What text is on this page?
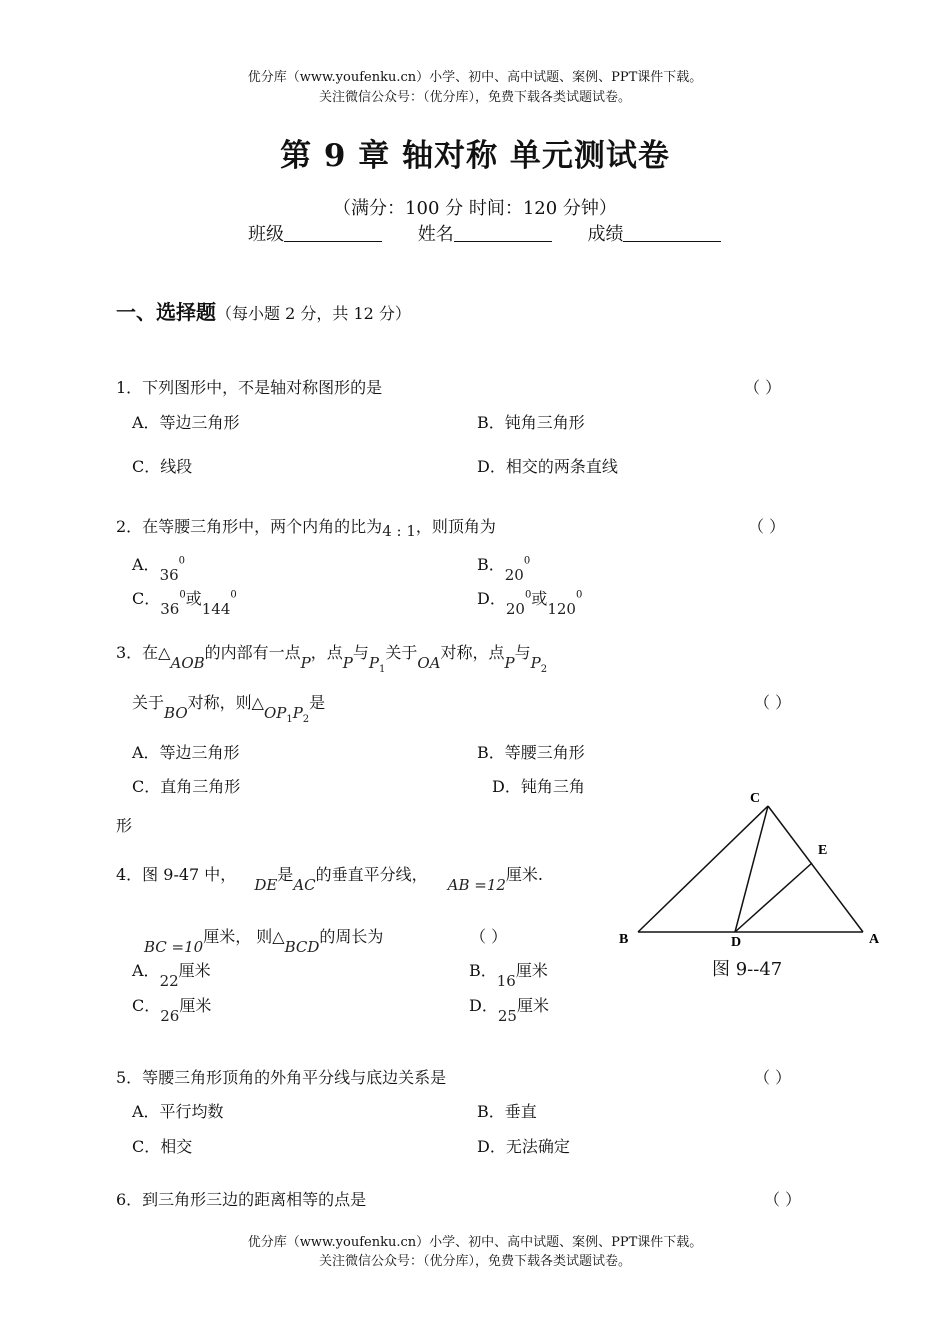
优分库（www.youfenku.cn）小学、初中、高中试题、案例、PPT课件下载。
关注微信公众号：（优分库），免费下载各类试题试卷。
第 9 章 轴对称 单元测试卷
（满分：100 分 时间：120 分钟）
班级	姓名	成绩
一、选择题（每小题 2 分，共 12 分）
1．下列图形中，不是轴对称图形的是	（ ）
A．等边三角形	B．钝角三角形
C．线段	D．相交的两条直线
2．在等腰三角形中，两个内角的比为4 : 1，则顶角为	（ ）
A．$36^0$	B．$20^0$
C．$36^0$或$144^0$	D．$20^0$或$120^0$
3．在△AOB的内部有一点P，点P与$P_1$关于OA对称，点P与$P_2$
关于BO对称，则$\triangle OP_1P_2$是	（ ）
A．等边三角形	B．等腰三角形
C．直角三角形	D．钝角三角
形
4．图 9-47 中，DE是AC的垂直平分线，AB =12厘米.
BC =10厘米， 则△BCD的周长为	（ ）
A．22厘米	B．16厘米
C．26厘米	D．25厘米
C
E
B	D	A
图 9--47
5．等腰三角形顶角的外角平分线与底边关系是	（ ）
A．平行均数	B．垂直
C．相交	D．无法确定
6．到三角形三边的距离相等的点是	（ ）
优分库（www.youfenku.cn）小学、初中、高中试题、案例、PPT课件下载。
关注微信公众号：（优分库），免费下载各类试题试卷。
